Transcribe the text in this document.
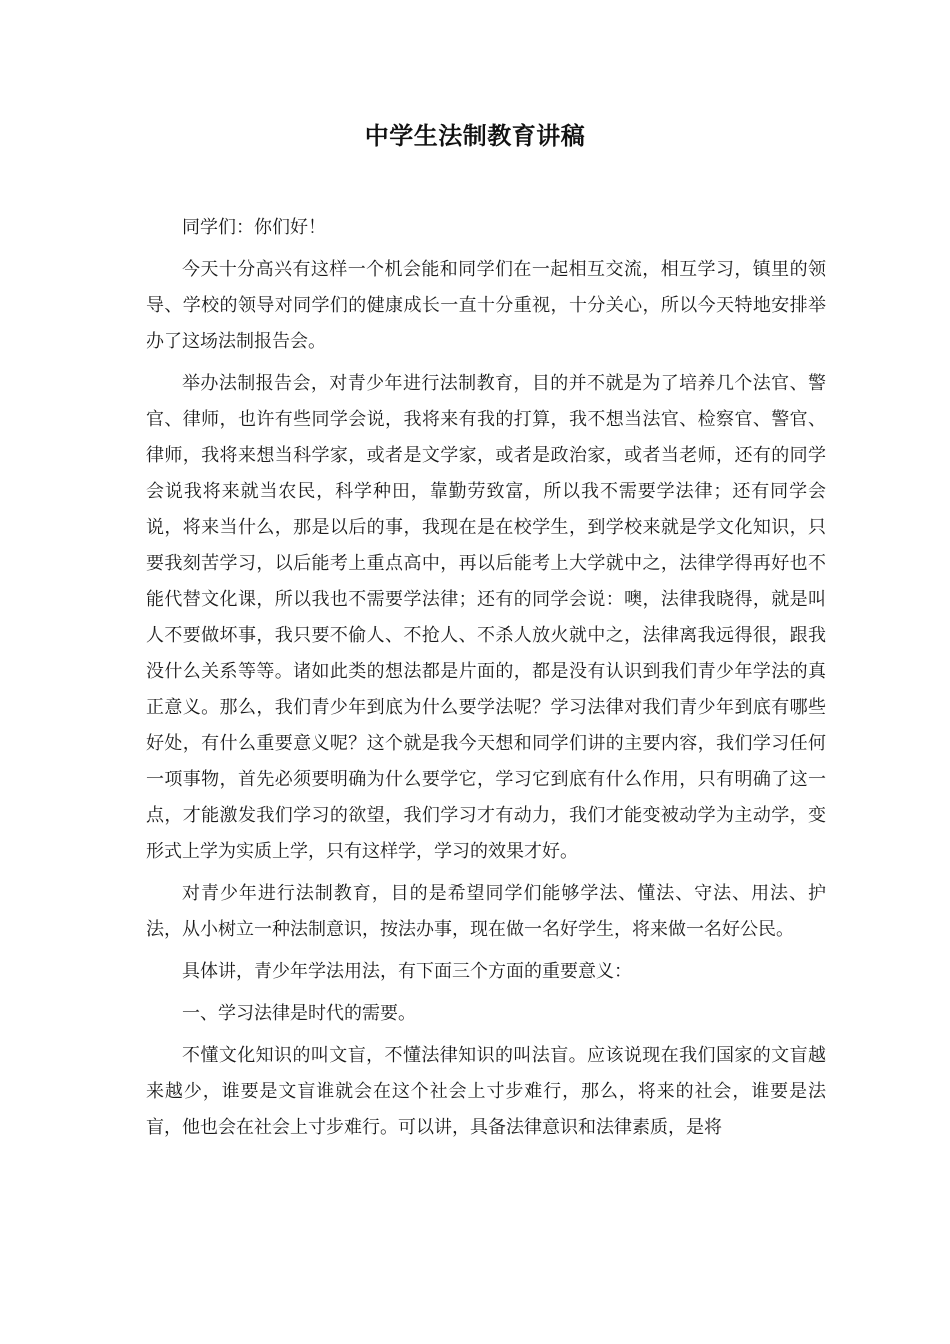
中学生法制教育讲稿

同学们：你们好！

今天十分高兴有这样一个机会能和同学们在一起相互交流，相互学习，镇里的领导、学校的领导对同学们的健康成长一直十分重视，十分关心，所以今天特地安排举办了这场法制报告会。

举办法制报告会，对青少年进行法制教育，目的并不就是为了培养几个法官、警官、律师，也许有些同学会说，我将来有我的打算，我不想当法官、检察官、警官、律师，我将来想当科学家，或者是文学家，或者是政治家，或者当老师，还有的同学会说我将来就当农民，科学种田，靠勤劳致富，所以我不需要学法律；还有同学会说，将来当什么，那是以后的事，我现在是在校学生，到学校来就是学文化知识，只要我刻苦学习，以后能考上重点高中，再以后能考上大学就中之，法律学得再好也不能代替文化课，所以我也不需要学法律；还有的同学会说：噢，法律我晓得，就是叫人不要做坏事，我只要不偷人、不抢人、不杀人放火就中之，法律离我远得很，跟我没什么关系等等。诸如此类的想法都是片面的，都是没有认识到我们青少年学法的真正意义。那么，我们青少年到底为什么要学法呢？学习法律对我们青少年到底有哪些好处，有什么重要意义呢？这个就是我今天想和同学们讲的主要内容，我们学习任何一项事物，首先必须要明确为什么要学它，学习它到底有什么作用，只有明确了这一点，才能激发我们学习的欲望，我们学习才有动力，我们才能变被动学为主动学，变形式上学为实质上学，只有这样学，学习的效果才好。

对青少年进行法制教育，目的是希望同学们能够学法、懂法、守法、用法、护法，从小树立一种法制意识，按法办事，现在做一名好学生，将来做一名好公民。

具体讲，青少年学法用法，有下面三个方面的重要意义：

一、学习法律是时代的需要。

不懂文化知识的叫文盲，不懂法律知识的叫法盲。应该说现在我们国家的文盲越来越少，谁要是文盲谁就会在这个社会上寸步难行，那么，将来的社会，谁要是法盲，他也会在社会上寸步难行。可以讲，具备法律意识和法律素质，是将
